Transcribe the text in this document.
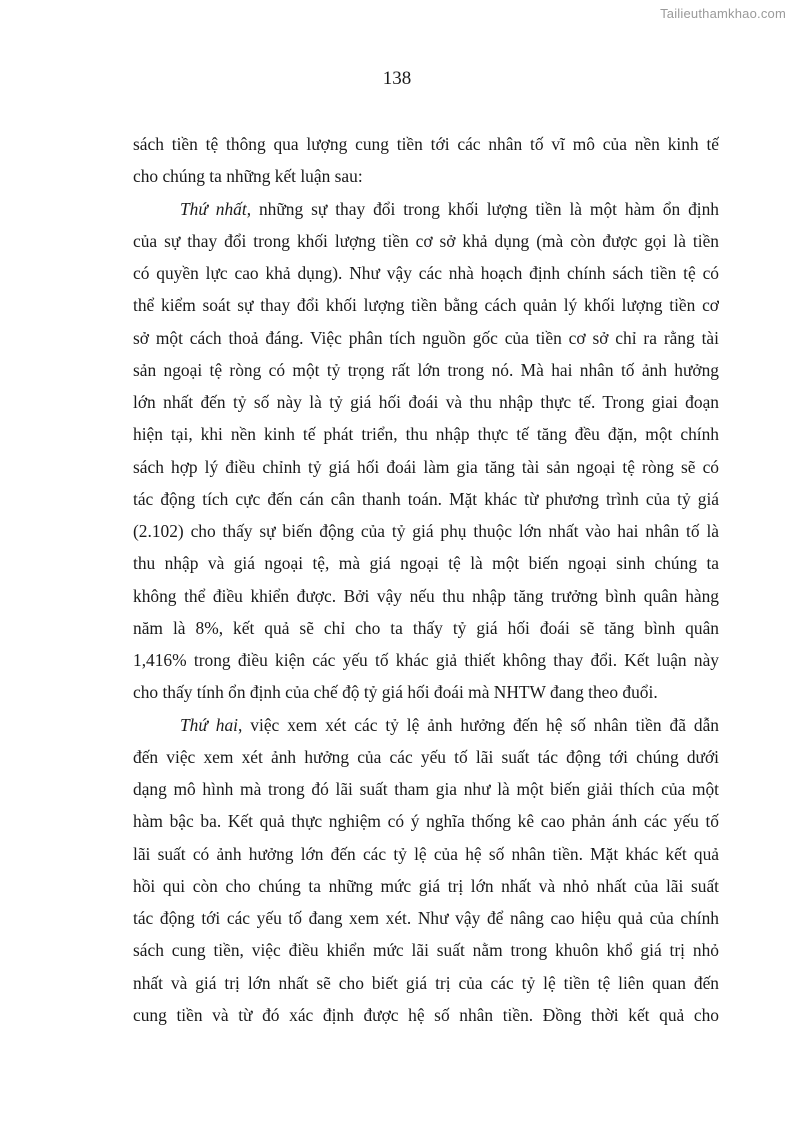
Tailieuthamkhao.com
138
sách tiền tệ thông qua lượng cung tiền tới các nhân tố vĩ mô của nền kinh tế
cho chúng ta những kết luận sau:
Thứ nhất, những sự thay đổi trong khối lượng tiền là một hàm ổn định
của sự thay đổi trong khối lượng tiền cơ sở khả dụng (mà còn được gọi là tiền
có quyền lực cao khả dụng). Như vậy các nhà hoạch định chính sách tiền tệ có
thể kiểm soát sự thay đổi khối lượng tiền bằng cách quản lý khối lượng tiền cơ
sở một cách thoả đáng. Việc phân tích nguồn gốc của tiền cơ sở chỉ ra rằng tài
sản ngoại tệ ròng có một tỷ trọng rất lớn trong nó. Mà hai nhân tố ảnh hưởng
lớn nhất đến tỷ số này là tỷ giá hối đoái và thu nhập thực tế. Trong giai đoạn
hiện tại, khi nền kinh tế phát triển, thu nhập thực tế tăng đều đặn, một chính
sách hợp lý điều chỉnh tỷ giá hối đoái làm gia tăng tài sản ngoại tệ ròng sẽ có
tác động tích cực đến cán cân thanh toán. Mặt khác từ phương trình của tỷ giá
(2.102) cho thấy sự biến động của tỷ giá phụ thuộc lớn nhất vào hai nhân tố là
thu nhập và giá ngoại tệ, mà giá ngoại tệ là một biến ngoại sinh chúng ta
không thể điều khiển được. Bởi vậy nếu thu nhập tăng trưởng bình quân hàng
năm là 8%, kết quả sẽ chỉ cho ta thấy tỷ giá hối đoái sẽ tăng bình quân
1,416% trong điều kiện các yếu tố khác giả thiết không thay đổi. Kết luận này
cho thấy tính ổn định của chế độ tỷ giá hối đoái mà NHTW đang theo đuổi.
Thứ hai, việc xem xét các tỷ lệ ảnh hưởng đến hệ số nhân tiền đã dẫn
đến việc xem xét ảnh hưởng của các yếu tố lãi suất tác động tới chúng dưới
dạng mô hình mà trong đó lãi suất tham gia như là một biến giải thích của một
hàm bậc ba. Kết quả thực nghiệm có ý nghĩa thống kê cao phản ánh các yếu tố
lãi suất có ảnh hưởng lớn đến các tỷ lệ của hệ số nhân tiền. Mặt khác kết quả
hồi qui còn cho chúng ta những mức giá trị lớn nhất và nhỏ nhất của lãi suất
tác động tới các yếu tố đang xem xét. Như vậy để nâng cao hiệu quả của chính
sách cung tiền, việc điều khiển mức lãi suất nằm trong khuôn khổ giá trị nhỏ
nhất và giá trị lớn nhất sẽ cho biết giá trị của các tỷ lệ tiền tệ liên quan đến
cung tiền và từ đó xác định được hệ số nhân tiền. Đồng thời kết quả cho
